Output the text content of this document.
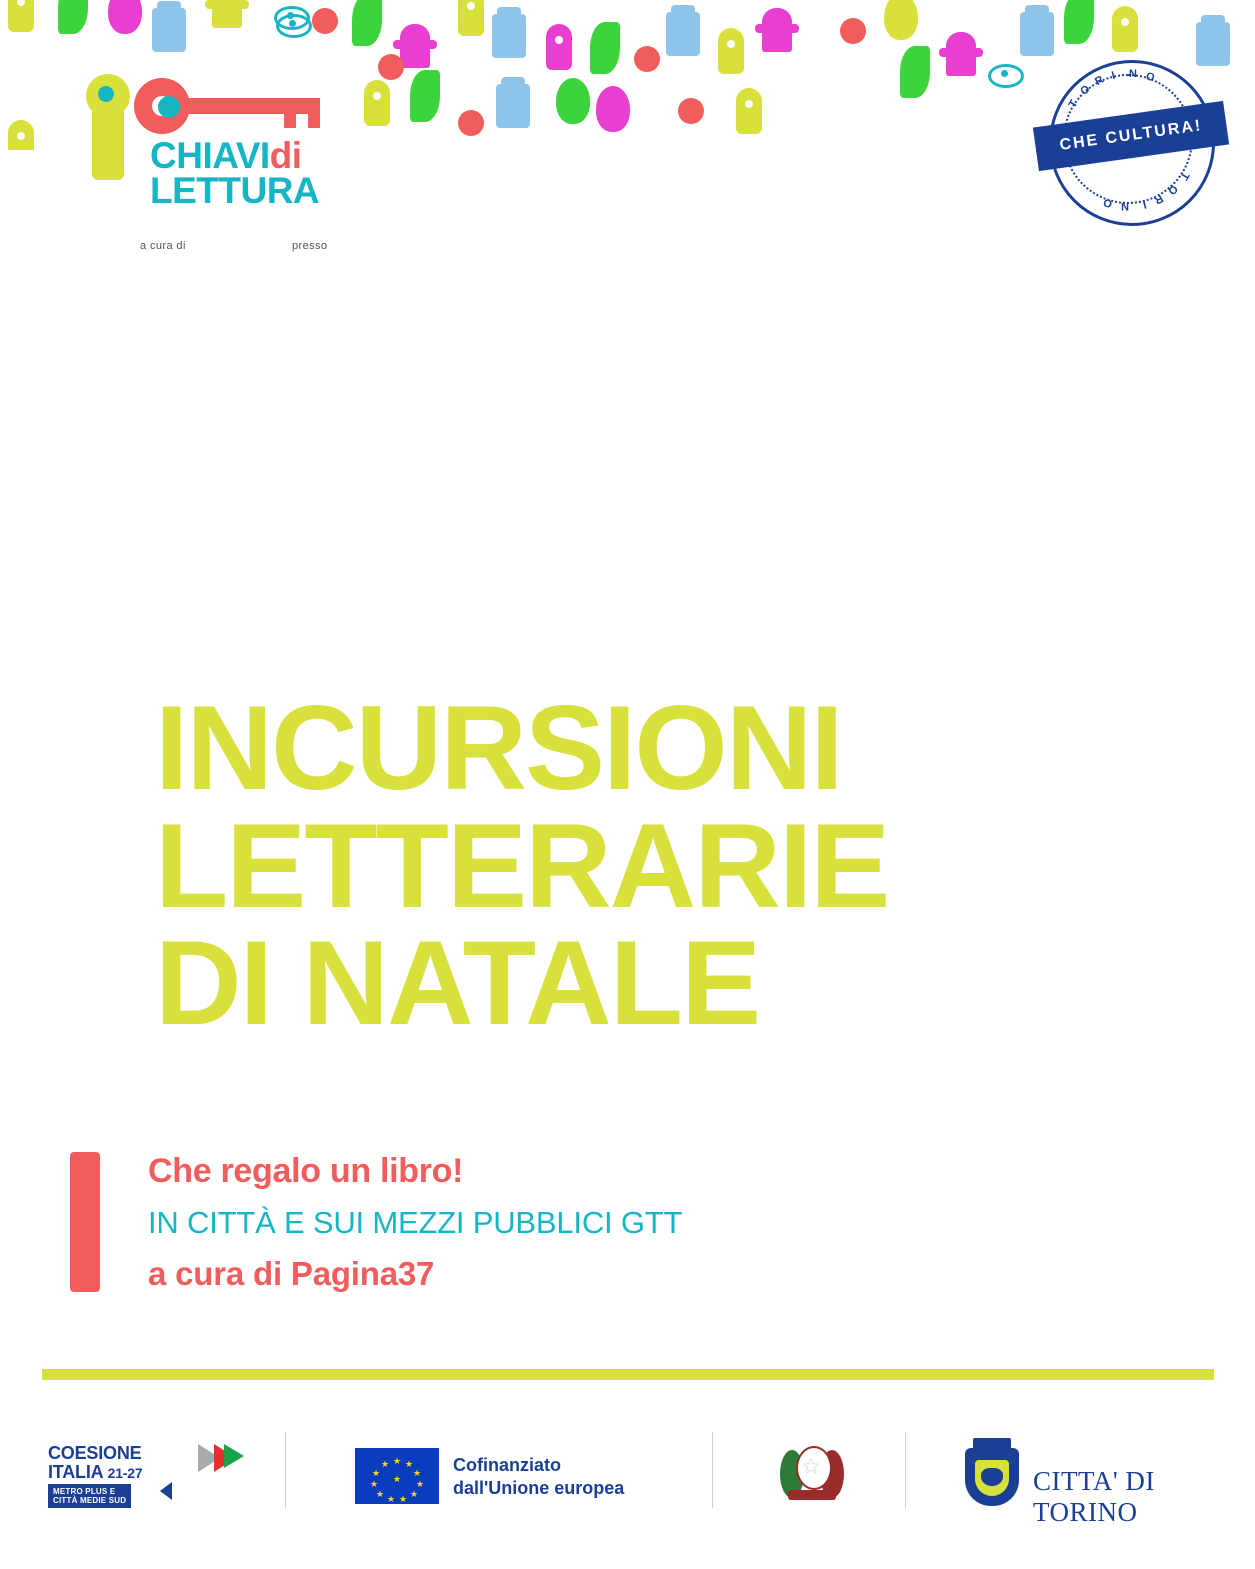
CHIAVIdi
LETTURA
a cura di	presso
T
O
R I N O
T
O
R
I
N
O
CHE CULTURA!
INCURSIONI
LETTERARIE
DI NATALE
Che regalo un libro!
IN CITTÀ E SUI MEZZI PUBBLICI GTT
a cura di Pagina37
COESIONE
ITALIA 21-27
METRO PLUS E
CITTÀ MEDIE SUD
★ ★
★
★
★
★
★
★
★
★
★
★
Cofinanziato
dall'Unione europea
★	CITTA' DI TORINO
